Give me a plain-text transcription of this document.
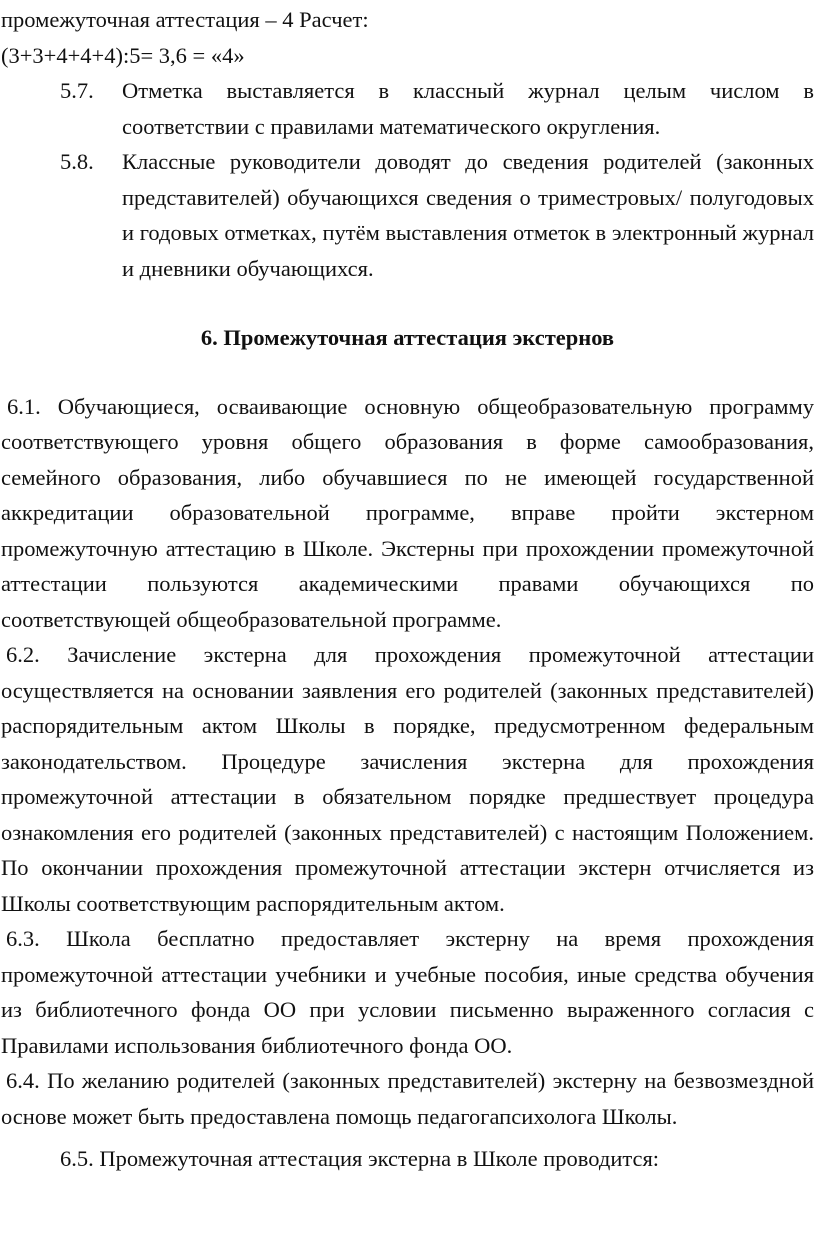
промежуточная аттестация – 4 Расчет:

(3+3+4+4+4):5= 3,6 = «4»

5.7.	Отметка выставляется в классный журнал целым числом в соответствии с правилами математического округления.
5.8.	Классные руководители доводят до сведения родителей (законных представителей) обучающихся сведения о триместровых/ полугодовых и годовых отметках, путём выставления отметок в электронный журнал и дневники обучающихся.
6. Промежуточная аттестация экстернов

6.1. Обучающиеся, осваивающие основную общеобразовательную программу соответствующего уровня общего образования в форме самообразования, семейного образования, либо обучавшиеся по не имеющей государственной аккредитации образовательной программе, вправе пройти экстерном промежуточную аттестацию в Школе. Экстерны при прохождении промежуточной аттестации пользуются академическими правами обучающихся по соответствующей общеобразовательной программе.

6.2. Зачисление экстерна для прохождения промежуточной аттестации осуществляется на основании заявления его родителей (законных представителей) распорядительным актом Школы в порядке, предусмотренном федеральным законодательством. Процедуре зачисления экстерна для прохождения промежуточной аттестации в обязательном порядке предшествует процедура ознакомления его родителей (законных представителей) с настоящим Положением. По окончании прохождения промежуточной аттестации экстерн отчисляется из Школы соответствующим распорядительным актом.

6.3. Школа бесплатно предоставляет экстерну на время прохождения промежуточной аттестации учебники и учебные пособия, иные средства обучения из библиотечного фонда ОО при условии письменно выраженного согласия с Правилами использования библиотечного фонда ОО.

6.4. По желанию родителей (законных представителей) экстерну на безвозмездной основе может быть предоставлена помощь педагогапсихолога Школы.

6.5. Промежуточная аттестация экстерна в Школе проводится:
